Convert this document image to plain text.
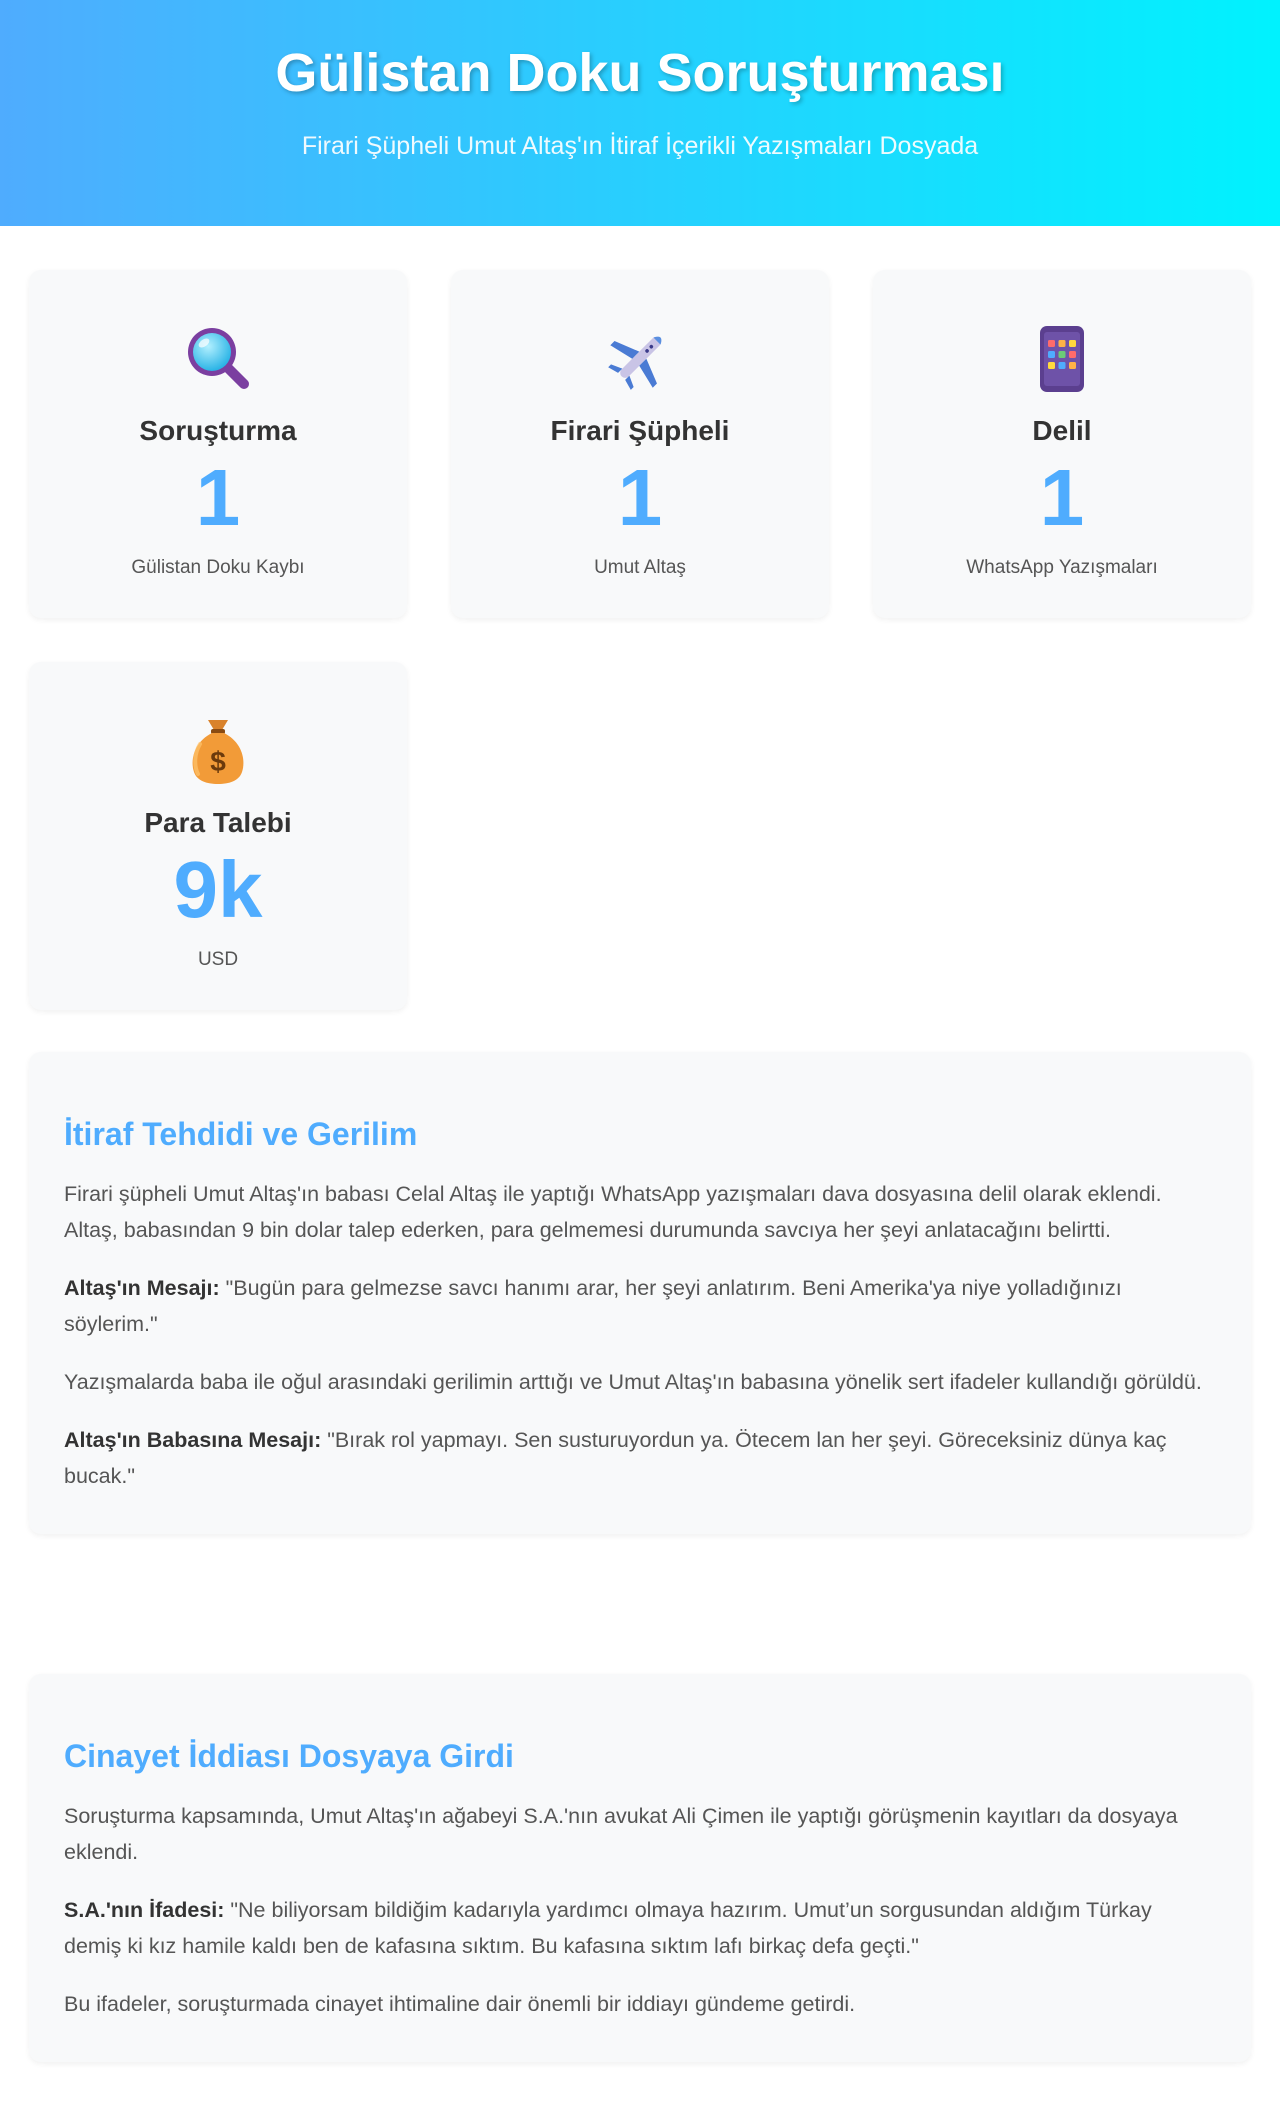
Gülistan Doku Soruşturması

Firari Şüpheli Umut Altaş'ın İtiraf İçerikli Yazışmaları Dosyada

Soruşturma
1
Gülistan Doku Kaybı
Firari Şüpheli
1
Umut Altaş
Delil
1
WhatsApp Yazışmaları
$
Para Talebi
9k
USD
İtiraf Tehdidi ve Gerilim

Firari şüpheli Umut Altaş'ın babası Celal Altaş ile yaptığı WhatsApp yazışmaları dava dosyasına delil olarak eklendi. Altaş, babasından 9 bin dolar talep ederken, para gelmemesi durumunda savcıya her şeyi anlatacağını belirtti.

Altaş'ın Mesajı: "Bugün para gelmezse savcı hanımı arar, her şeyi anlatırım. Beni Amerika'ya niye yolladığınızı söylerim."

Yazışmalarda baba ile oğul arasındaki gerilimin arttığı ve Umut Altaş'ın babasına yönelik sert ifadeler kullandığı görüldü.

Altaş'ın Babasına Mesajı: "Bırak rol yapmayı. Sen susturuyordun ya. Ötecem lan her şeyi. Göreceksiniz dünya kaç bucak."

Cinayet İddiası Dosyaya Girdi

Soruşturma kapsamında, Umut Altaş'ın ağabeyi S.A.'nın avukat Ali Çimen ile yaptığı görüşmenin kayıtları da dosyaya eklendi.

S.A.'nın İfadesi: "Ne biliyorsam bildiğim kadarıyla yardımcı olmaya hazırım. Umut’un sorgusundan aldığım Türkay demiş ki kız hamile kaldı ben de kafasına sıktım. Bu kafasına sıktım lafı birkaç defa geçti."

Bu ifadeler, soruşturmada cinayet ihtimaline dair önemli bir iddiayı gündeme getirdi.
